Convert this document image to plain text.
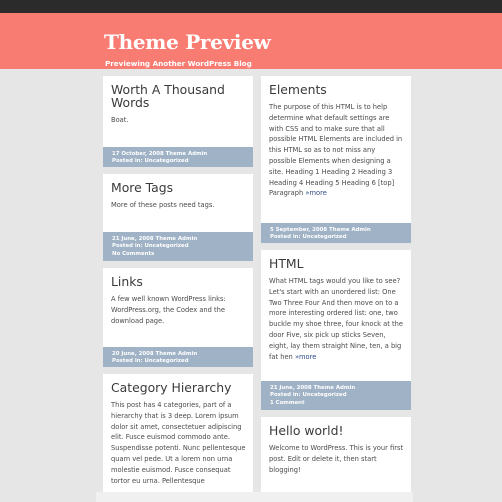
Theme Preview
Previewing Another WordPress Blog
Worth A Thousand Words

Boat.

17 October, 2008 Theme Admin
Posted in: Uncategorized
More Tags

More of these posts need tags.

21 June, 2008 Theme Admin
Posted in: Uncategorized
No Comments
Links

A few well known WordPress links: WordPress.org, the Codex and the download page.

20 June, 2008 Theme Admin
Posted in: Uncategorized
Category Hierarchy

This post has 4 categories, part of a hierarchy that is 3 deep. Lorem ipsum dolor sit amet, consectetuer adipiscing elit. Fusce euismod commodo ante. Suspendisse potenti. Nunc pellentesque quam vel pede. Ut a lorem non urna molestie euismod. Fusce consequat tortor eu urna. Pellentesque

Elements

The purpose of this HTML is to help determine what default settings are with CSS and to make sure that all possible HTML Elements are included in this HTML so as to not miss any possible Elements when designing a site. Heading 1 Heading 2 Heading 3 Heading 4 Heading 5 Heading 6 [top] Paragraph »more

5 September, 2008 Theme Admin
Posted in: Uncategorized
HTML

What HTML tags would you like to see? Let's start with an unordered list: One Two Three Four And then move on to a more interesting ordered list: one, two buckle my shoe three, four knock at the door Five, six pick up sticks Seven, eight, lay them straight Nine, ten, a big fat hen »more

21 June, 2008 Theme Admin
Posted in: Uncategorized
1 Comment
Hello world!

Welcome to WordPress. This is your first post. Edit or delete it, then start blogging!
